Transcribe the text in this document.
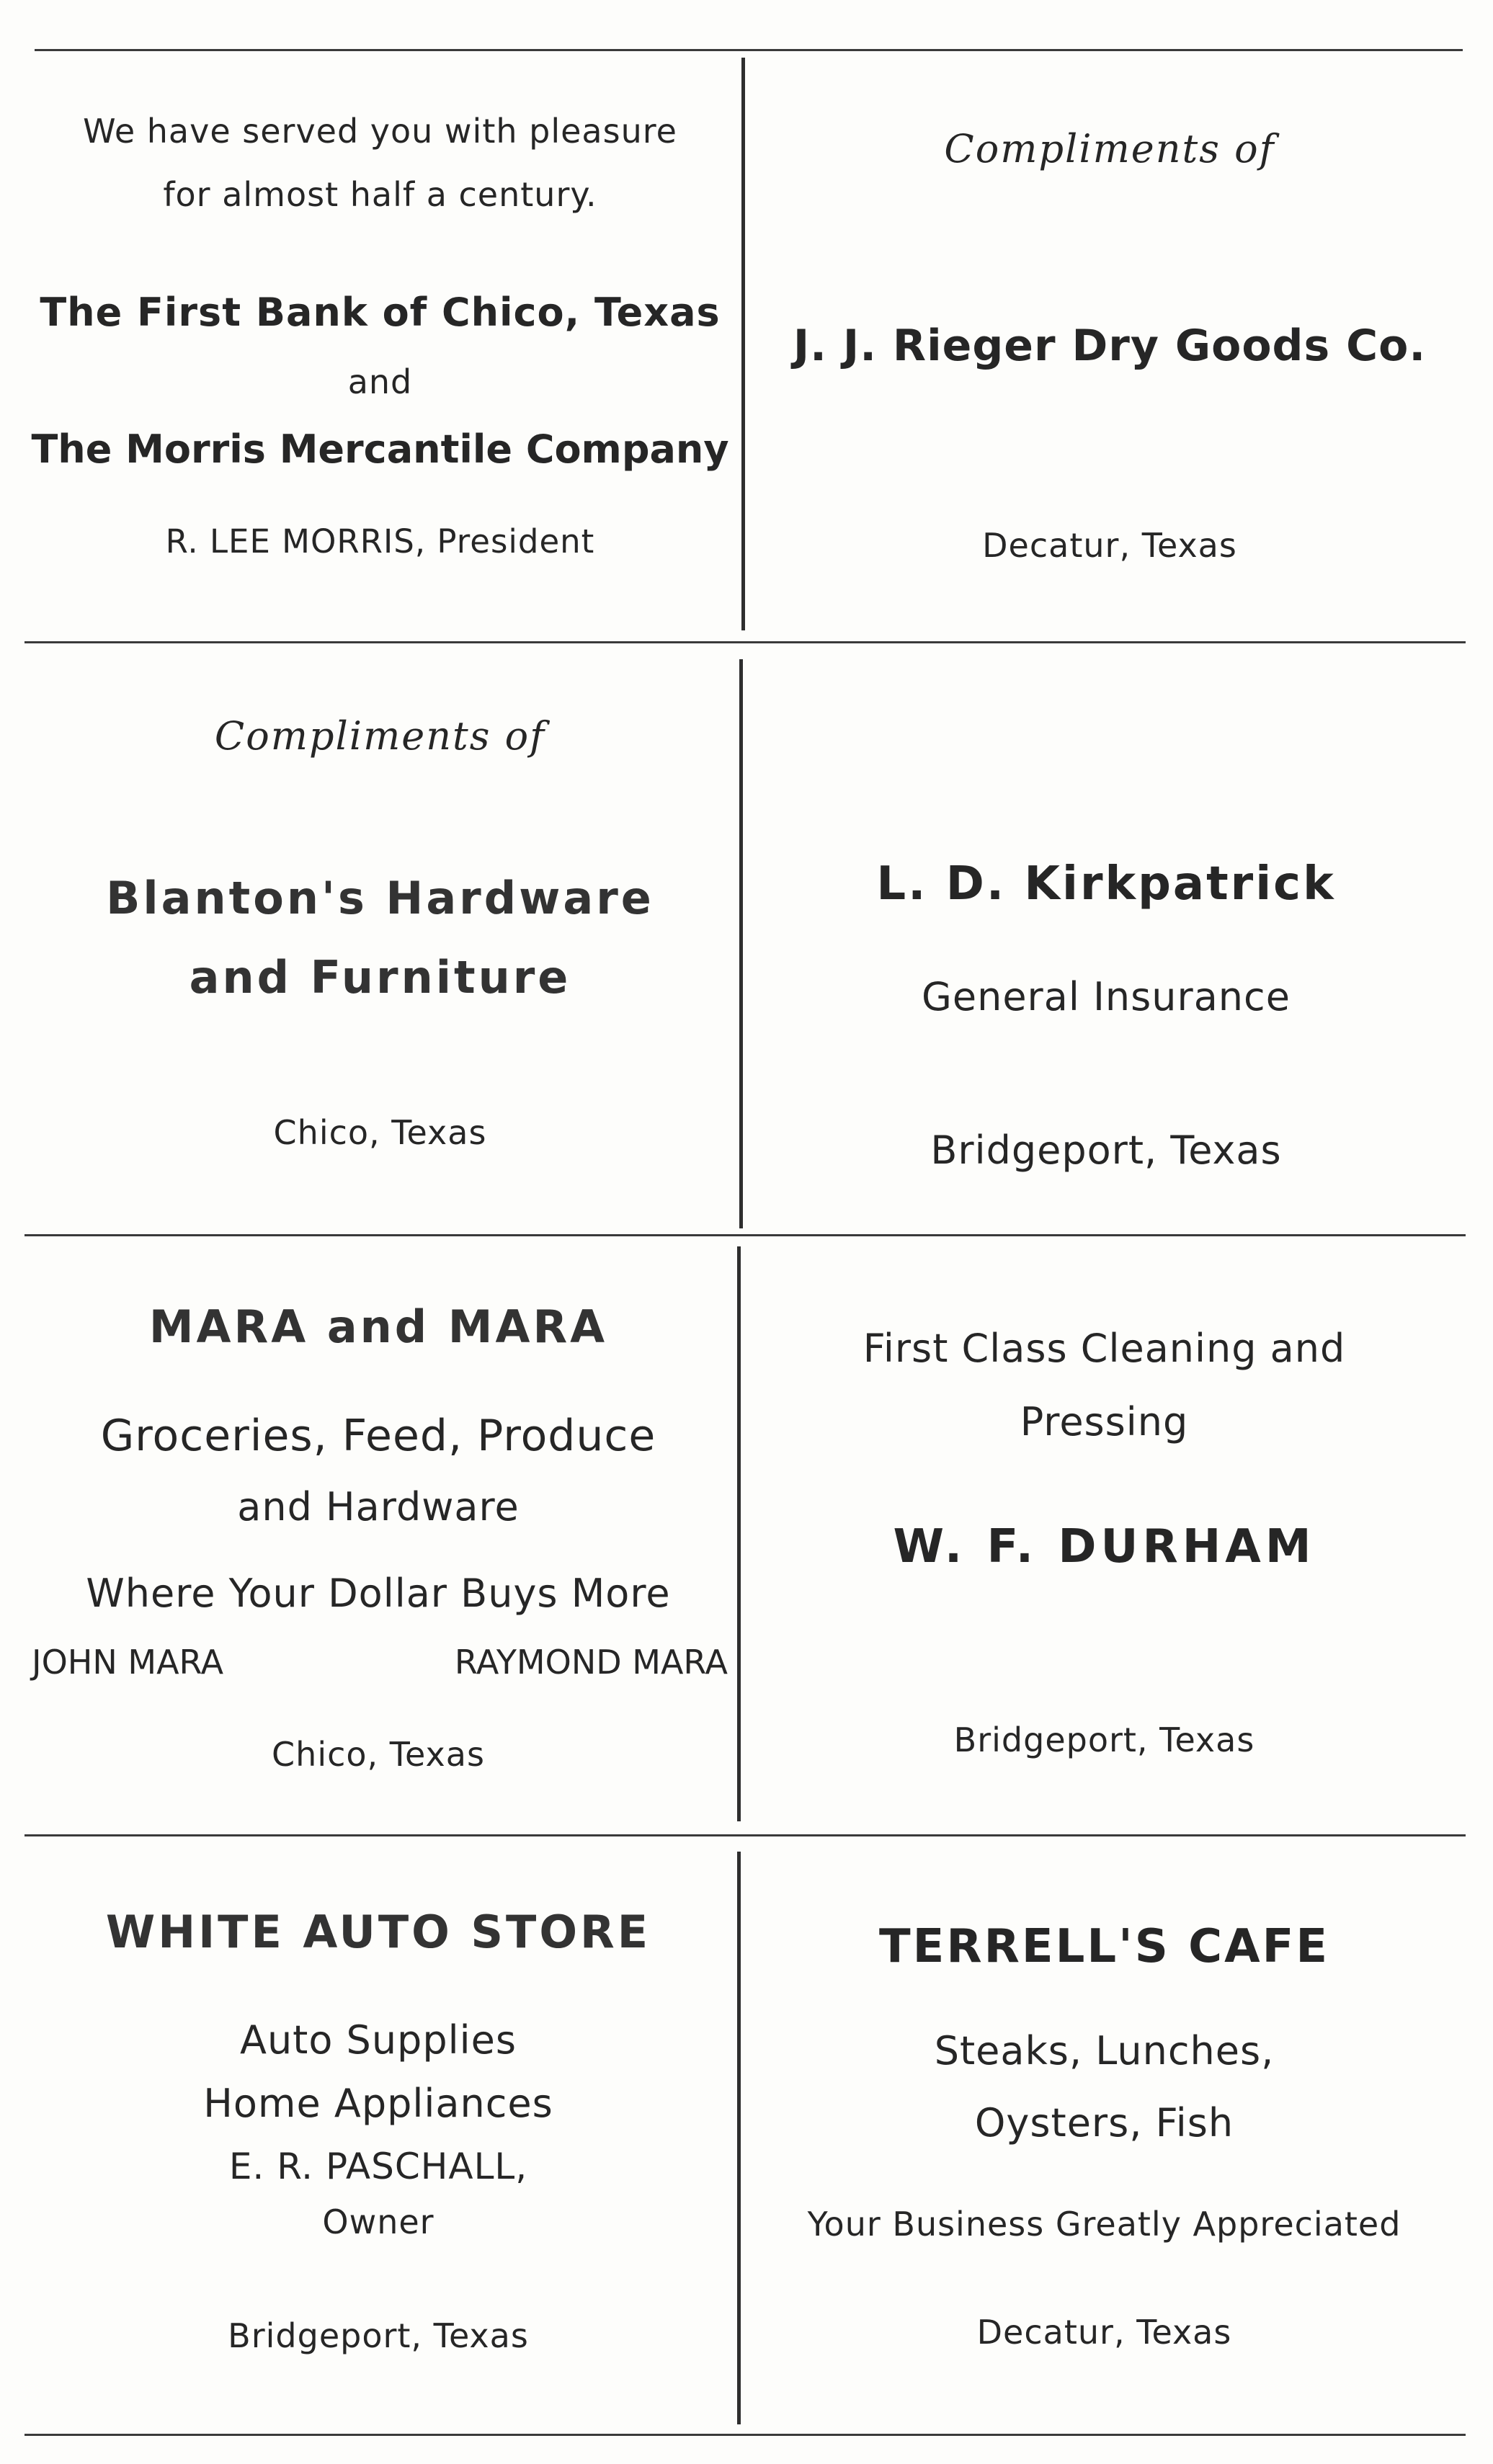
We have served you with pleasure
for almost half a century.
The First Bank of Chico, Texas
and
The Morris Mercantile Company
R. LEE MORRIS, President
Compliments of
J. J. Rieger Dry Goods Co.
Decatur, Texas
Compliments of
Blanton's Hardware
and Furniture
Chico, Texas
L. D. Kirkpatrick
General Insurance
Bridgeport, Texas
MARA and MARA
Groceries, Feed, Produce
and Hardware
Where Your Dollar Buys More
JOHN MARA	RAYMOND MARA
Chico, Texas
First Class Cleaning and
Pressing
W. F. DURHAM
Bridgeport, Texas
WHITE AUTO STORE
Auto Supplies
Home Appliances
E. R. PASCHALL,
Owner
Bridgeport, Texas
TERRELL'S CAFE
Steaks, Lunches,
Oysters, Fish
Your Business Greatly Appreciated
Decatur, Texas
